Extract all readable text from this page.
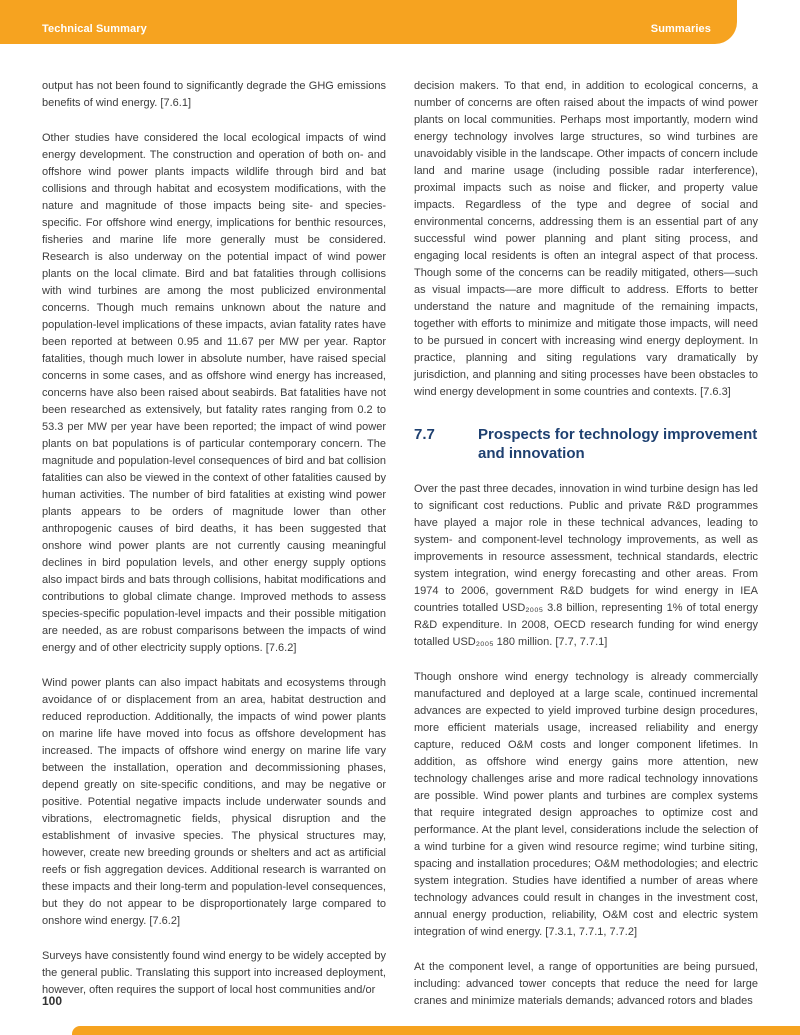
Technical Summary	Summaries

output has not been found to significantly degrade the GHG emissions benefits of wind energy. [7.6.1]

Other studies have considered the local ecological impacts of wind energy development. The construction and operation of both on- and offshore wind power plants impacts wildlife through bird and bat collisions and through habitat and ecosystem modifications, with the nature and magnitude of those impacts being site- and species-specific. For offshore wind energy, implications for benthic resources, fisheries and marine life more generally must be considered. Research is also underway on the potential impact of wind power plants on the local climate. Bird and bat fatalities through collisions with wind turbines are among the most publicized environmental concerns. Though much remains unknown about the nature and population-level implications of these impacts, avian fatality rates have been reported at between 0.95 and 11.67 per MW per year. Raptor fatalities, though much lower in absolute number, have raised special concerns in some cases, and as offshore wind energy has increased, concerns have also been raised about seabirds. Bat fatalities have not been researched as extensively, but fatality rates ranging from 0.2 to 53.3 per MW per year have been reported; the impact of wind power plants on bat populations is of particular contemporary concern. The magnitude and population-level consequences of bird and bat collision fatalities can also be viewed in the context of other fatalities caused by human activities. The number of bird fatalities at existing wind power plants appears to be orders of magnitude lower than other anthropogenic causes of bird deaths, it has been suggested that onshore wind power plants are not currently causing meaningful declines in bird population levels, and other energy supply options also impact birds and bats through collisions, habitat modifications and contributions to global climate change. Improved methods to assess species-specific population-level impacts and their possible mitigation are needed, as are robust comparisons between the impacts of wind energy and of other electricity supply options. [7.6.2]

Wind power plants can also impact habitats and ecosystems through avoidance of or displacement from an area, habitat destruction and reduced reproduction. Additionally, the impacts of wind power plants on marine life have moved into focus as offshore development has increased. The impacts of offshore wind energy on marine life vary between the installation, operation and decommissioning phases, depend greatly on site-specific conditions, and may be negative or positive. Potential negative impacts include underwater sounds and vibrations, electromagnetic fields, physical disruption and the establishment of invasive species. The physical structures may, however, create new breeding grounds or shelters and act as artificial reefs or fish aggregation devices. Additional research is warranted on these impacts and their long-term and population-level consequences, but they do not appear to be disproportionately large compared to onshore wind energy. [7.6.2]

Surveys have consistently found wind energy to be widely accepted by the general public. Translating this support into increased deployment, however, often requires the support of local host communities and/or

decision makers. To that end, in addition to ecological concerns, a number of concerns are often raised about the impacts of wind power plants on local communities. Perhaps most importantly, modern wind energy technology involves large structures, so wind turbines are unavoidably visible in the landscape. Other impacts of concern include land and marine usage (including possible radar interference), proximal impacts such as noise and flicker, and property value impacts. Regardless of the type and degree of social and environmental concerns, addressing them is an essential part of any successful wind power planning and plant siting process, and engaging local residents is often an integral aspect of that process. Though some of the concerns can be readily mitigated, others—such as visual impacts—are more difficult to address. Efforts to better understand the nature and magnitude of the remaining impacts, together with efforts to minimize and mitigate those impacts, will need to be pursued in concert with increasing wind energy deployment. In practice, planning and siting regulations vary dramatically by jurisdiction, and planning and siting processes have been obstacles to wind energy development in some countries and contexts. [7.6.3]

7.7	Prospects for technology improvement and innovation

Over the past three decades, innovation in wind turbine design has led to significant cost reductions. Public and private R&D programmes have played a major role in these technical advances, leading to system- and component-level technology improvements, as well as improvements in resource assessment, technical standards, electric system integration, wind energy forecasting and other areas. From 1974 to 2006, government R&D budgets for wind energy in IEA countries totalled USD₂₀₀₅ 3.8 billion, representing 1% of total energy R&D expenditure. In 2008, OECD research funding for wind energy totalled USD₂₀₀₅ 180 million. [7.7, 7.7.1]

Though onshore wind energy technology is already commercially manufactured and deployed at a large scale, continued incremental advances are expected to yield improved turbine design procedures, more efficient materials usage, increased reliability and energy capture, reduced O&M costs and longer component lifetimes. In addition, as offshore wind energy gains more attention, new technology challenges arise and more radical technology innovations are possible. Wind power plants and turbines are complex systems that require integrated design approaches to optimize cost and performance. At the plant level, considerations include the selection of a wind turbine for a given wind resource regime; wind turbine siting, spacing and installation procedures; O&M methodologies; and electric system integration. Studies have identified a number of areas where technology advances could result in changes in the investment cost, annual energy production, reliability, O&M cost and electric system integration of wind energy. [7.3.1, 7.7.1, 7.7.2]

At the component level, a range of opportunities are being pursued, including: advanced tower concepts that reduce the need for large cranes and minimize materials demands; advanced rotors and blades

100
